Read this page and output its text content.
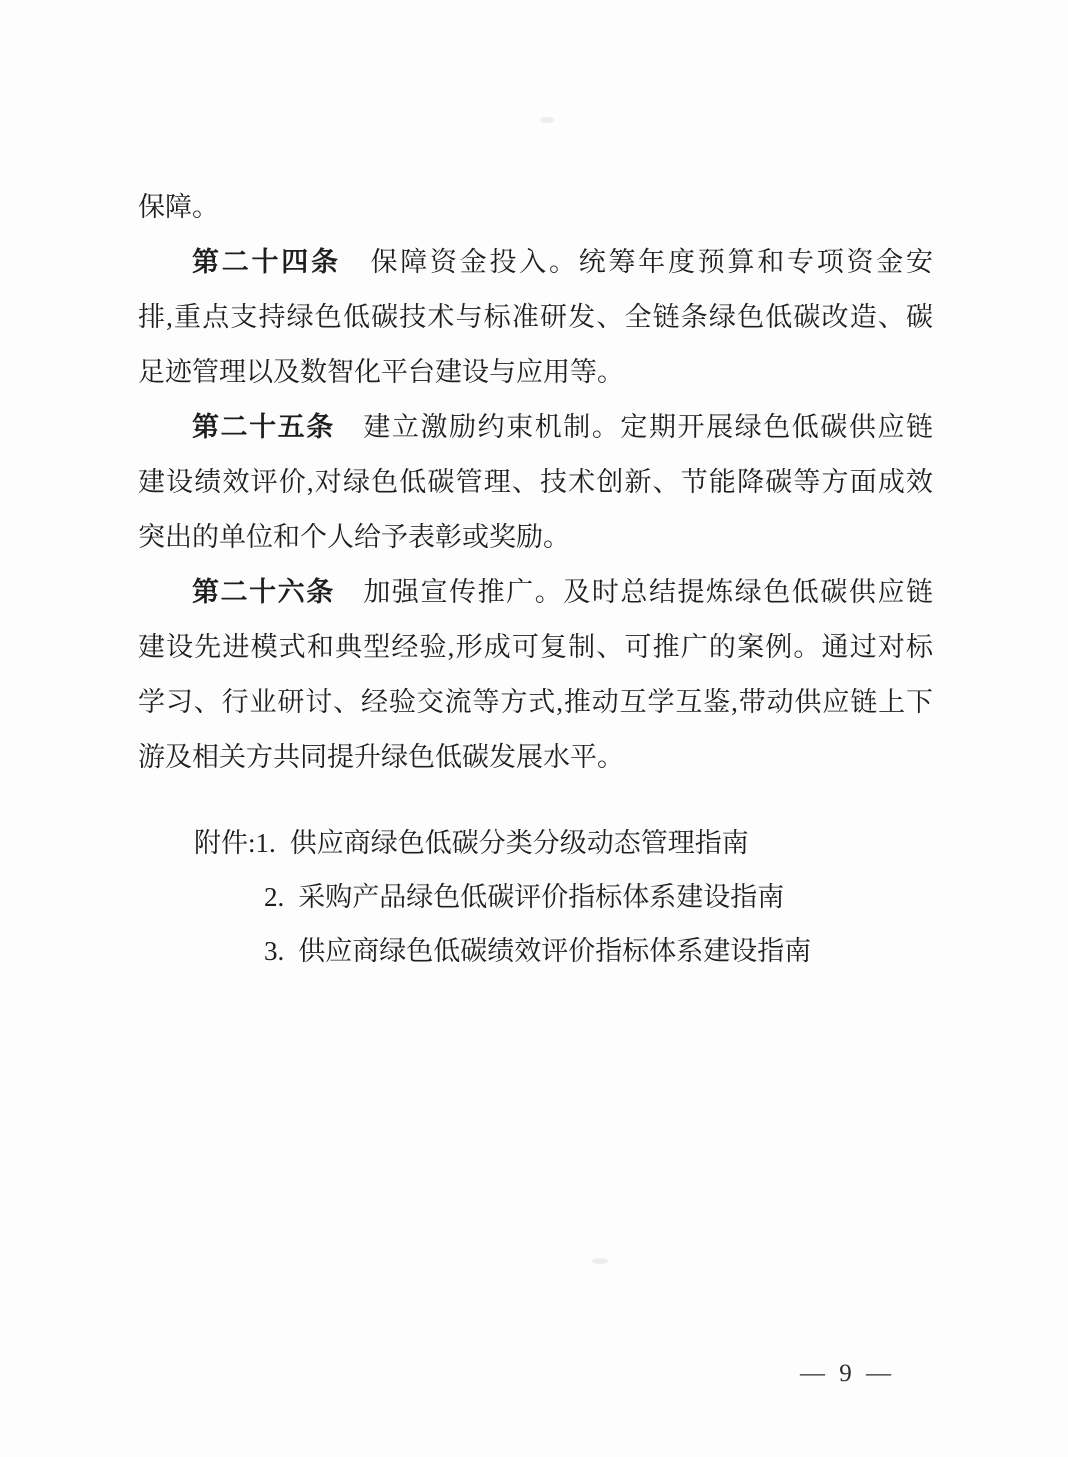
保障。
第二十四条　 保障资金投入。统筹年度预算和专项资金安
排,重点支持绿色低碳技术与标准研发、全链条绿色低碳改造、碳
足迹管理以及数智化平台建设与应用等。
第二十五条　 建立激励约束机制。定期开展绿色低碳供应链
建设绩效评价,对绿色低碳管理、技术创新、节能降碳等方面成效
突出的单位和个人给予表彰或奖励。
第二十六条　 加强宣传推广。及时总结提炼绿色低碳供应链
建设先进模式和典型经验,形成可复制、可推广的案例。通过对标
学习、行业研讨、经验交流等方式,推动互学互鉴,带动供应链上下
游及相关方共同提升绿色低碳发展水平。
附件:1. 供应商绿色低碳分类分级动态管理指南
2. 采购产品绿色低碳评价指标体系建设指南
3. 供应商绿色低碳绩效评价指标体系建设指南
— 9 —
